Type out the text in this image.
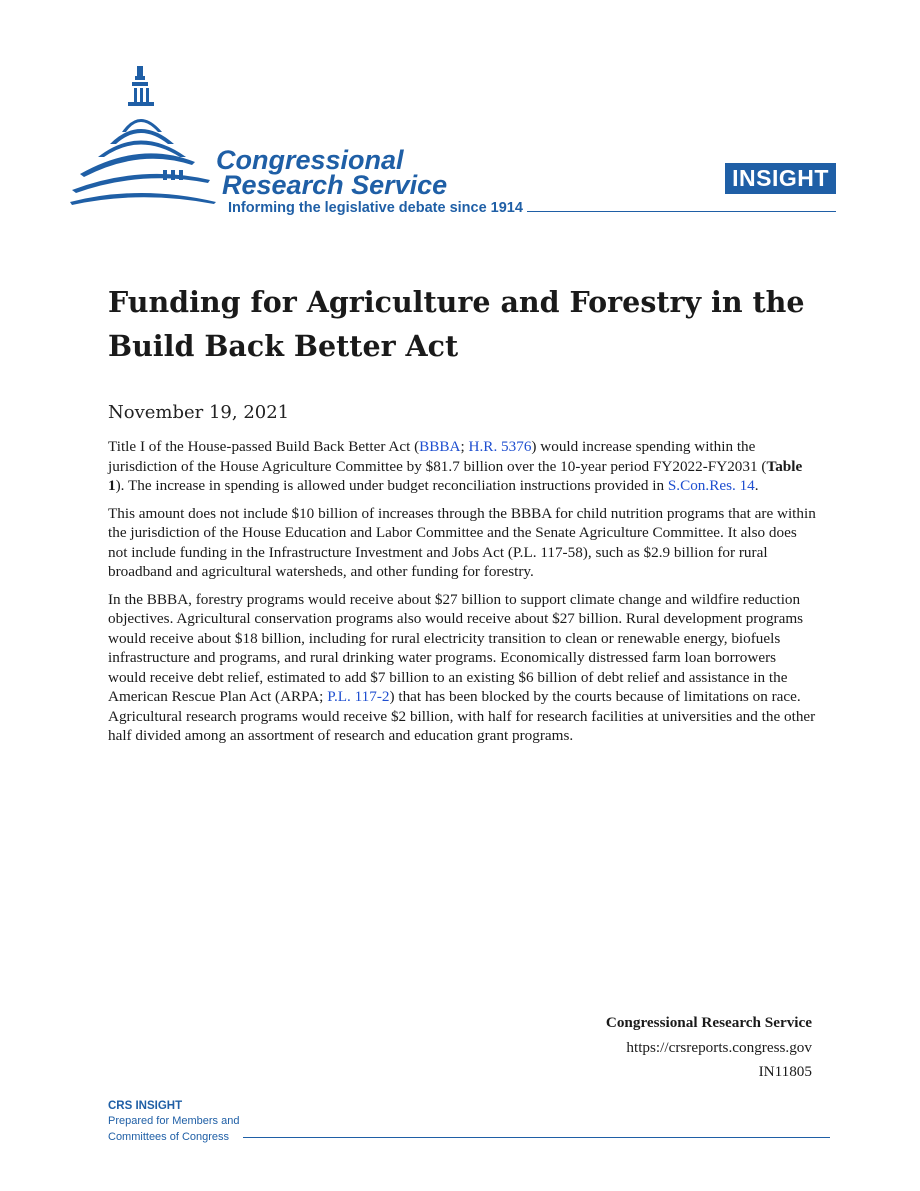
Congressional
Research Service
Informing the legislative debate since 1914
INSIGHT
Funding for Agriculture and Forestry in the Build Back Better Act
November 19, 2021

Title I of the House-passed Build Back Better Act (BBBA; H.R. 5376) would increase spending within the jurisdiction of the House Agriculture Committee by $81.7 billion over the 10-year period FY2022-FY2031 (Table 1). The increase in spending is allowed under budget reconciliation instructions provided in S.Con.Res. 14.

This amount does not include $10 billion of increases through the BBBA for child nutrition programs that are within the jurisdiction of the House Education and Labor Committee and the Senate Agriculture Committee. It also does not include funding in the Infrastructure Investment and Jobs Act (P.L. 117-58), such as $2.9 billion for rural broadband and agricultural watersheds, and other funding for forestry.

In the BBBA, forestry programs would receive about $27 billion to support climate change and wildfire reduction objectives. Agricultural conservation programs also would receive about $27 billion. Rural development programs would receive about $18 billion, including for rural electricity transition to clean or renewable energy, biofuels infrastructure and programs, and rural drinking water programs. Economically distressed farm loan borrowers would receive debt relief, estimated to add $7 billion to an existing $6 billion of debt relief and assistance in the American Rescue Plan Act (ARPA; P.L. 117-2) that has been blocked by the courts because of limitations on race. Agricultural research programs would receive $2 billion, with half for research facilities at universities and the other half divided among an assortment of research and education grant programs.

Congressional Research Service
https://crsreports.congress.gov
IN11805
CRS INSIGHT
Prepared for Members and
Committees of Congress
